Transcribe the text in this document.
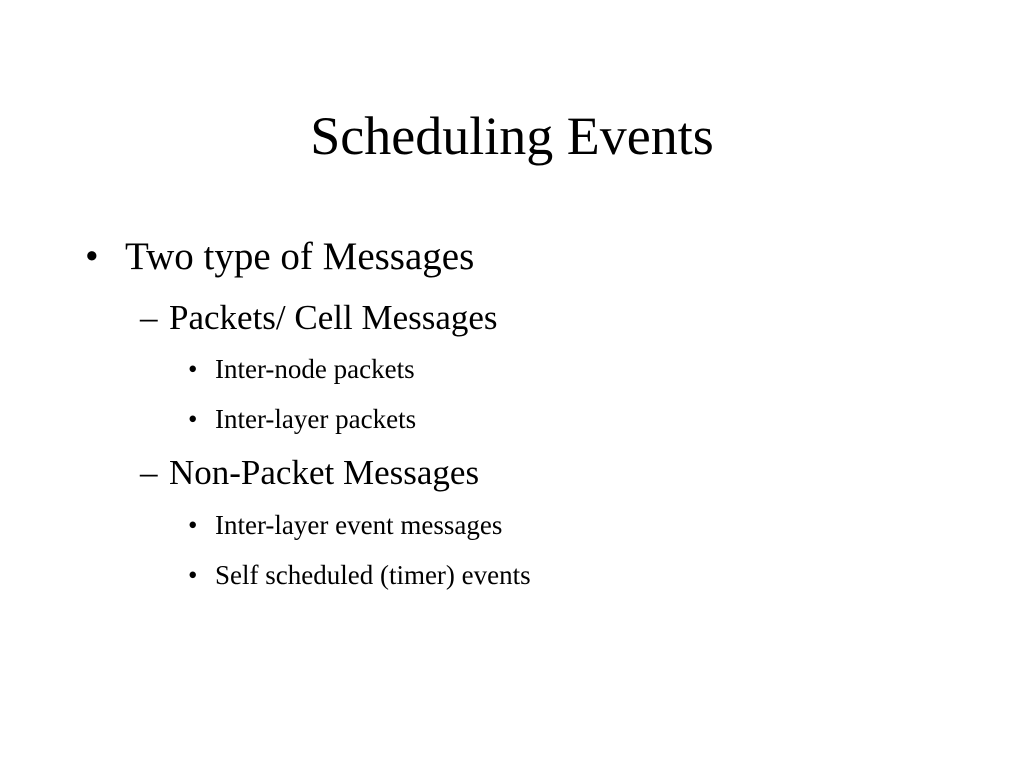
Scheduling Events
• Two type of Messages
– Packets/ Cell Messages
• Inter-node packets
• Inter-layer packets
– Non-Packet Messages
• Inter-layer event messages
• Self scheduled (timer) events
